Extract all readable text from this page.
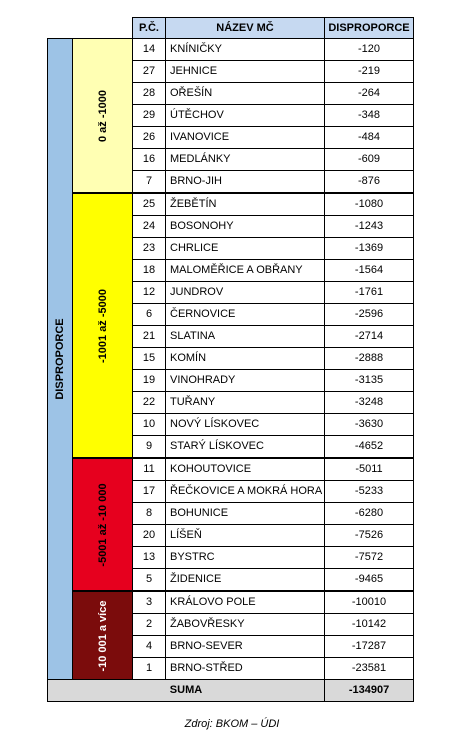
		P.Č.	NÁZEV MČ	DISPROPORCE

DISPROPORCE	0 až -1000	14	KNÍNIČKY	-120
		27	JEHNICE	-219
		28	OŘEŠÍN	-264
		29	ÚTĚCHOV	-348
		26	IVANOVICE	-484
		16	MEDLÁNKY	-609
		7	BRNO-JIH	-876

	-1001 až -5000	25	ŽEBĚTÍN	-1080
		24	BOSONOHY	-1243
		23	CHRLICE	-1369
		18	MALOMĚŘICE A OBŘANY	-1564
		12	JUNDROV	-1761
		6	ČERNOVICE	-2596
		21	SLATINA	-2714
		15	KOMÍN	-2888
		19	VINOHRADY	-3135
		22	TUŘANY	-3248
		10	NOVÝ LÍSKOVEC	-3630
		9	STARÝ LÍSKOVEC	-4652

	-5001 až -10 000	11	KOHOUTOVICE	-5011
		17	ŘEČKOVICE A MOKRÁ HORA	-5233
		8	BOHUNICE	-6280
		20	LÍŠEŇ	-7526
		13	BYSTRC	-7572
		5	ŽIDENICE	-9465

	-10 001 a více	3	KRÁLOVO POLE	-10010
		2	ŽABOVŘESKY	-10142
		4	BRNO-SEVER	-17287
		1	BRNO-STŘED	-23581
SUMA				-134907
Zdroj: BKOM – ÚDI
